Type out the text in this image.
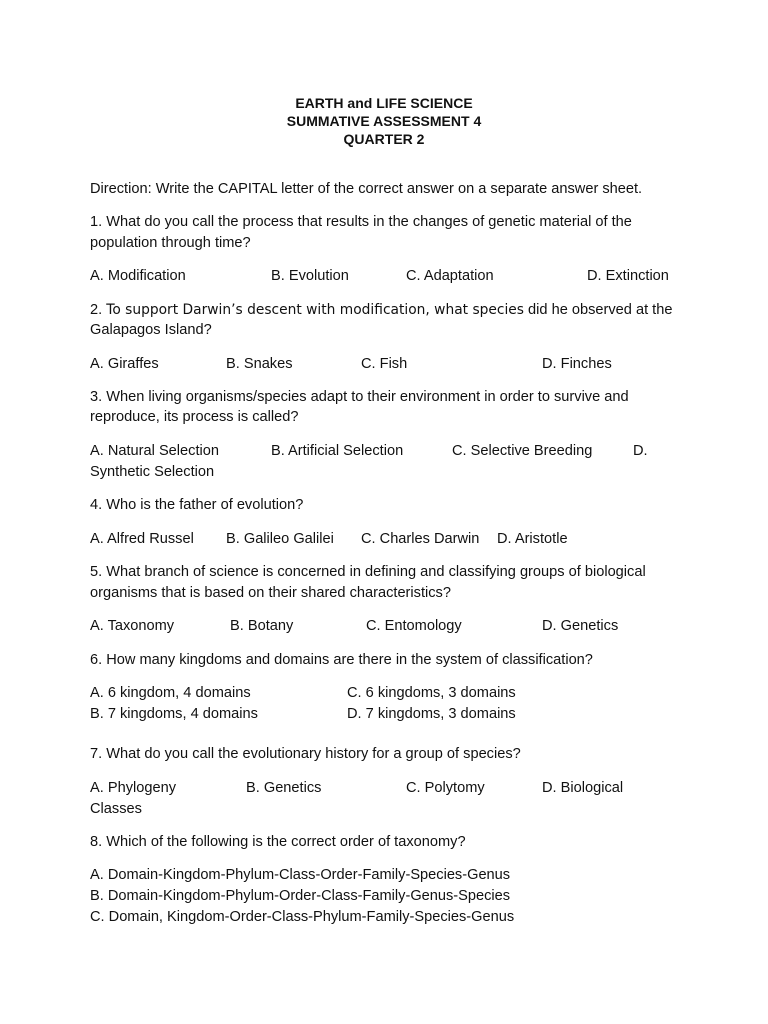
EARTH and LIFE SCIENCE
SUMMATIVE ASSESSMENT 4
QUARTER 2
Direction: Write the CAPITAL letter of the correct answer on a separate answer sheet.
1. What do you call the process that results in the changes of genetic material of the
population through time?
A. Modification	B. Evolution	C. Adaptation	D. Extinction
2. To support Darwin’s descent with modification, what species did he observed at the
Galapagos Island?
A. Giraffes	B. Snakes	C. Fish	D. Finches
3. When living organisms/species adapt to their environment in order to survive and
reproduce, its process is called?
A. Natural Selection	B. Artificial Selection	C. Selective Breeding	D.
Synthetic Selection
4. Who is the father of evolution?
A. Alfred Russel B. Galileo Galilei C. Charles Darwin D. Aristotle
5. What branch of science is concerned in defining and classifying groups of biological
organisms that is based on their shared characteristics?
A. Taxonomy	B. Botany	C. Entomology	D. Genetics
6. How many kingdoms and domains are there in the system of classification?
A. 6 kingdom, 4 domains	C. 6 kingdoms, 3 domains
B. 7 kingdoms, 4 domains	D. 7 kingdoms, 3 domains
7. What do you call the evolutionary history for a group of species?
A. Phylogeny	B. Genetics	C. Polytomy	D. Biological
Classes
8. Which of the following is the correct order of taxonomy?
A. Domain-Kingdom-Phylum-Class-Order-Family-Species-Genus
B. Domain-Kingdom-Phylum-Order-Class-Family-Genus-Species
C. Domain, Kingdom-Order-Class-Phylum-Family-Species-Genus
